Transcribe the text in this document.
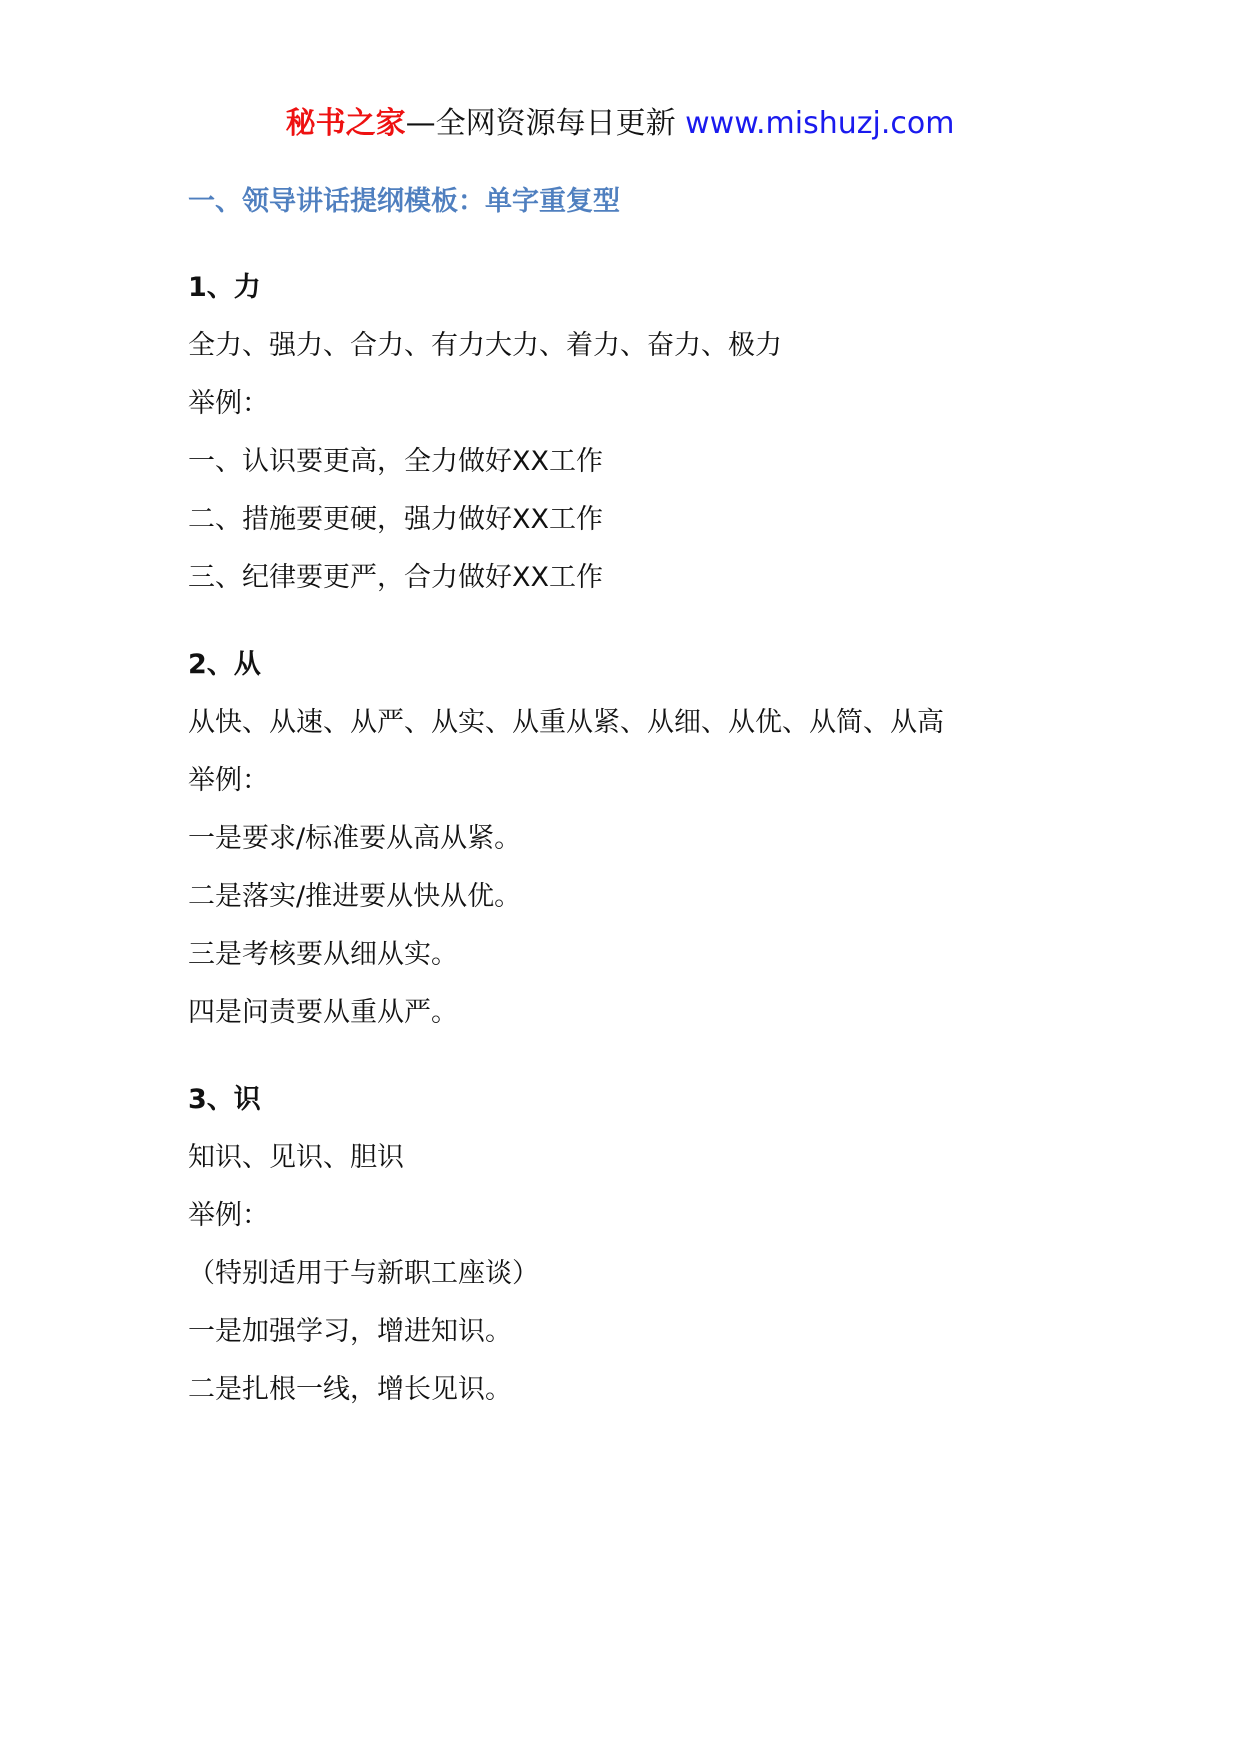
秘书之家—全网资源每日更新 www.mishuzj.com
一、领导讲话提纲模板：单字重复型
1、力
全力、强力、合力、有力大力、着力、奋力、极力
举例：
一、认识要更高，全力做好XX工作
二、措施要更硬，强力做好XX工作
三、纪律要更严，合力做好XX工作
2、从
从快、从速、从严、从实、从重从紧、从细、从优、从简、从高
举例：
一是要求/标准要从高从紧。
二是落实/推进要从快从优。
三是考核要从细从实。
四是问责要从重从严。
3、识
知识、见识、胆识
举例：
（特别适用于与新职工座谈）
一是加强学习，增进知识。
二是扎根一线，增长见识。
